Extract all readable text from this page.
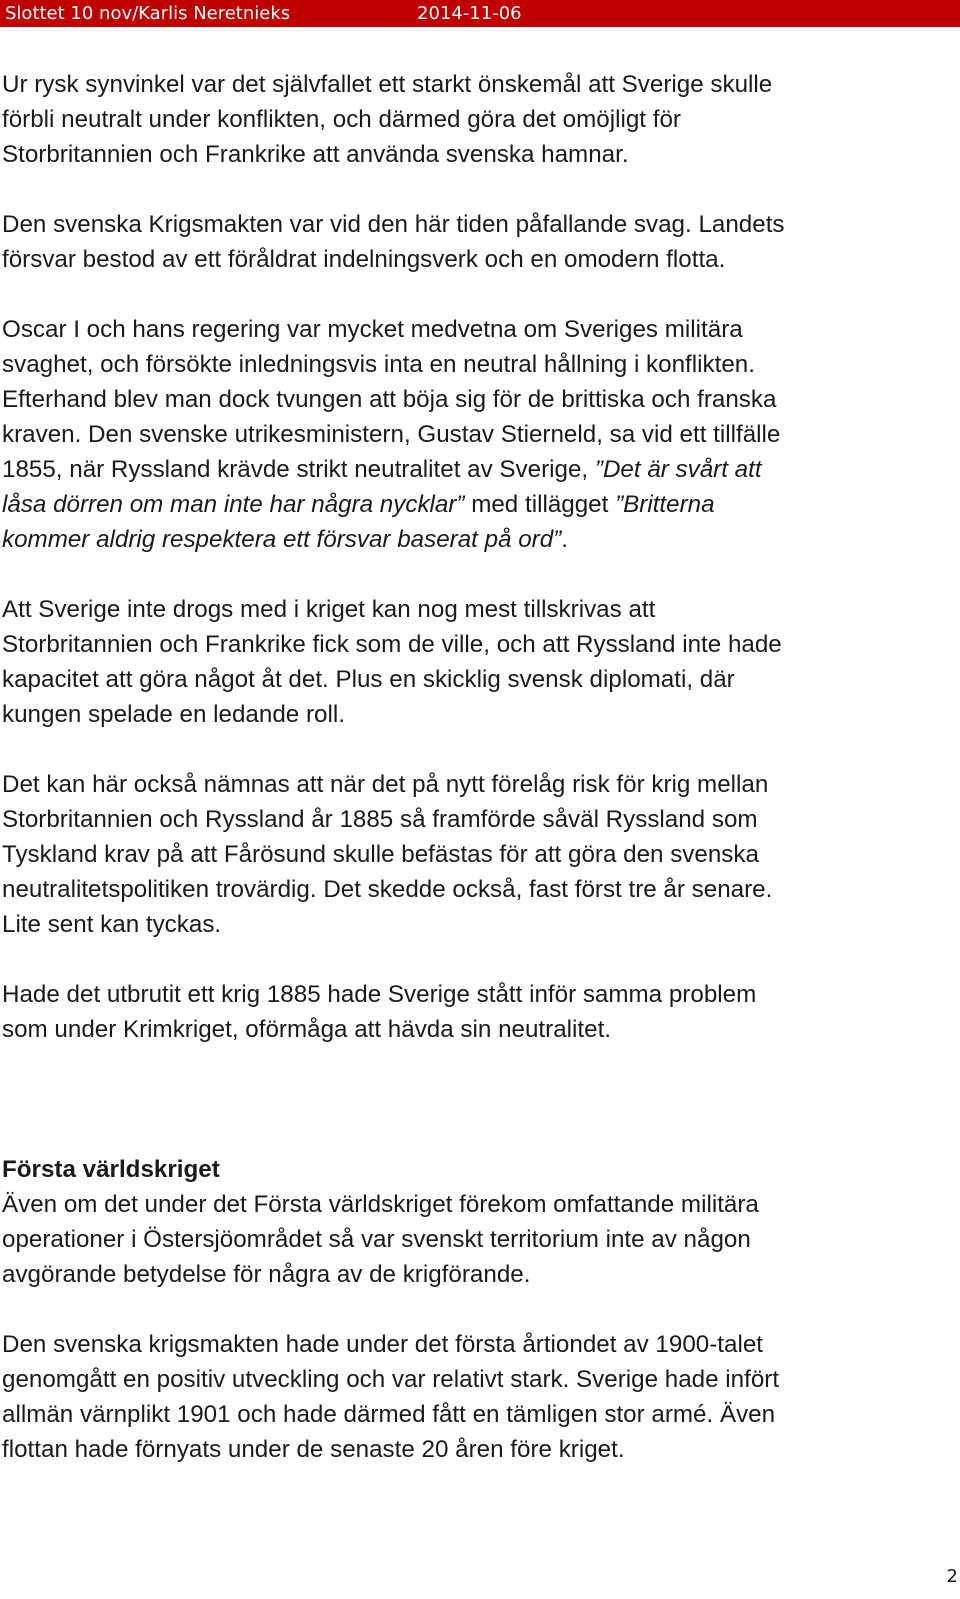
Slottet 10 nov/Karlis Neretnieks	2014-11-06

Ur rysk synvinkel var det självfallet ett starkt önskemål att Sverige skulle
förbli neutralt under konflikten, och därmed göra det omöjligt för
Storbritannien och Frankrike att använda svenska hamnar.

Den svenska Krigsmakten var vid den här tiden påfallande svag. Landets
försvar bestod av ett föråldrat indelningsverk och en omodern flotta.

Oscar I och hans regering var mycket medvetna om Sveriges militära
svaghet, och försökte inledningsvis inta en neutral hållning i konflikten.
Efterhand blev man dock tvungen att böja sig för de brittiska och franska
kraven. Den svenske utrikesministern, Gustav Stierneld, sa vid ett tillfälle
1855, när Ryssland krävde strikt neutralitet av Sverige, ”Det är svårt att
låsa dörren om man inte har några nycklar” med tillägget ”Britterna
kommer aldrig respektera ett försvar baserat på ord”.

Att Sverige inte drogs med i kriget kan nog mest tillskrivas att
Storbritannien och Frankrike fick som de ville, och att Ryssland inte hade
kapacitet att göra något åt det. Plus en skicklig svensk diplomati, där
kungen spelade en ledande roll.

Det kan här också nämnas att när det på nytt förelåg risk för krig mellan
Storbritannien och Ryssland år 1885 så framförde såväl Ryssland som
Tyskland krav på att Fårösund skulle befästas för att göra den svenska
neutralitetspolitiken trovärdig. Det skedde också, fast först tre år senare.
Lite sent kan tyckas.

Hade det utbrutit ett krig 1885 hade Sverige stått inför samma problem
som under Krimkriget, oförmåga att hävda sin neutralitet.

Första världskriget
Även om det under det Första världskriget förekom omfattande militära
operationer i Östersjöområdet så var svenskt territorium inte av någon
avgörande betydelse för några av de krigförande.

Den svenska krigsmakten hade under det första årtiondet av 1900-talet
genomgått en positiv utveckling och var relativt stark. Sverige hade infört
allmän värnplikt 1901 och hade därmed fått en tämligen stor armé. Även
flottan hade förnyats under de senaste 20 åren före kriget.

2
